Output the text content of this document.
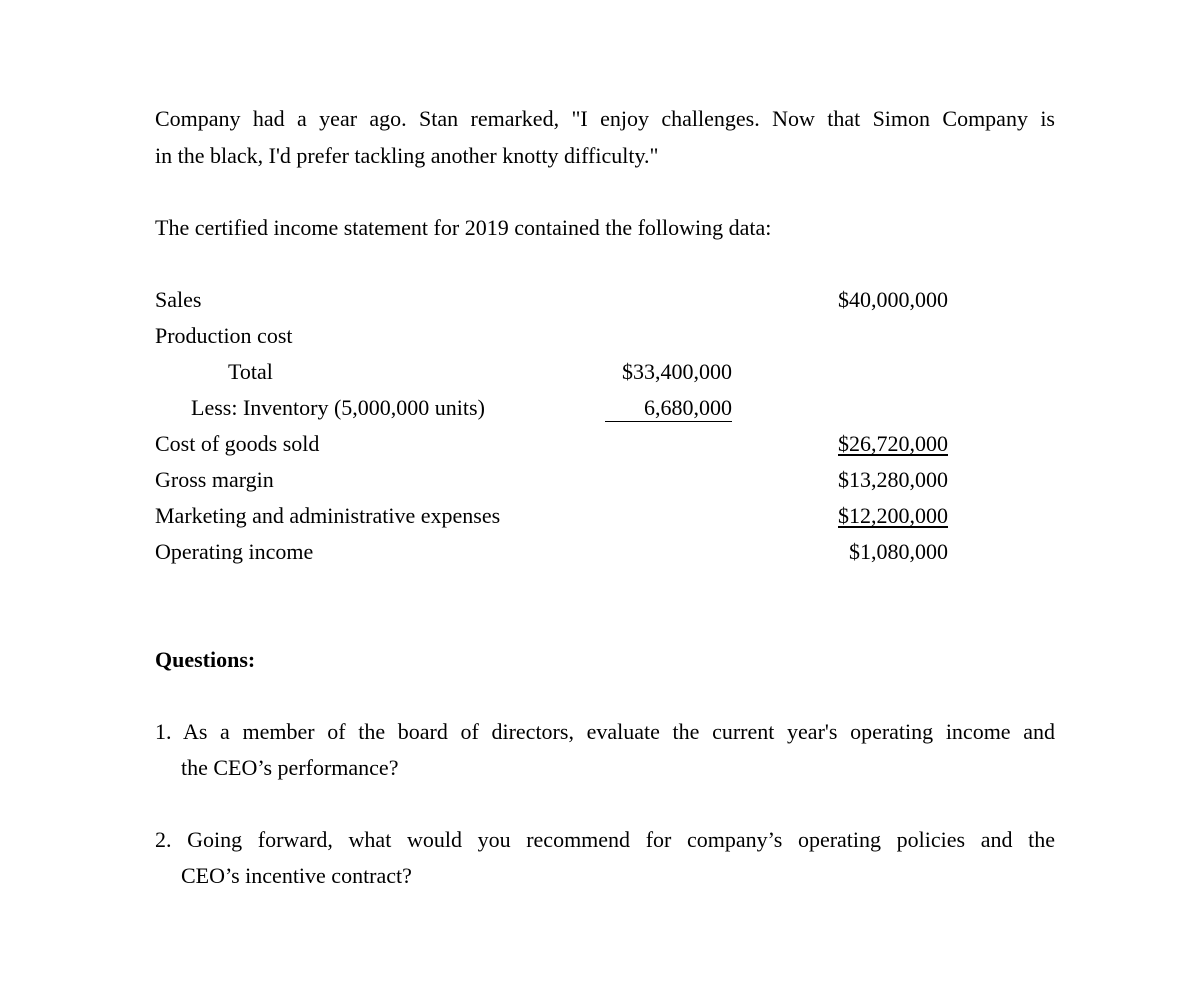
Company had a year ago. Stan remarked, "I enjoy challenges. Now that Simon Company is
in the black, I'd prefer tackling another knotty difficulty."
The certified income statement for 2019 contained the following data:
Sales	$40,000,000
Production cost
Total	$33,400,000
Less: Inventory (5,000,000 units)	6,680,000
Cost of goods sold	$26,720,000
Gross margin	$13,280,000
Marketing and administrative expenses	$12,200,000
Operating income	$1,080,000
Questions:
1. As a member of the board of directors, evaluate the current year's operating income and
the CEO’s performance?
2. Going forward, what would you recommend for company’s operating policies and the
CEO’s incentive contract?
